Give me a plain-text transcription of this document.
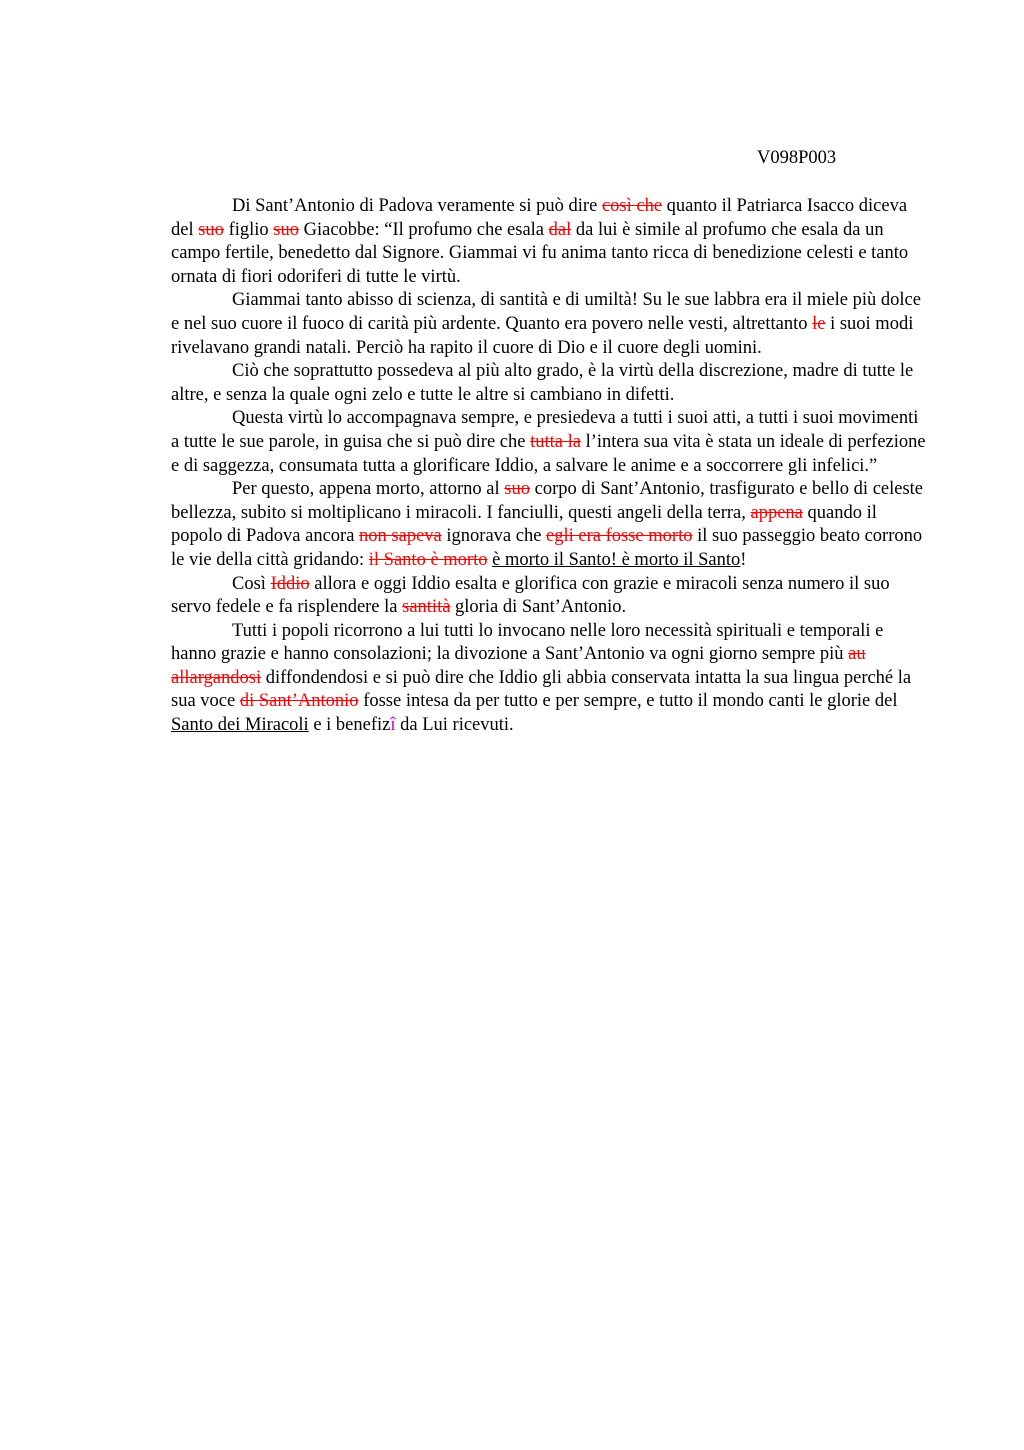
V098P003

Di Sant’Antonio di Padova veramente si può dire così che quanto il Patriarca Isacco diceva del suo figlio suo Giacobbe: “Il profumo che esala dal da lui è simile al profumo che esala da un campo fertile, benedetto dal Signore. Giammai vi fu anima tanto ricca di benedizione celesti e tanto ornata di fiori odoriferi di tutte le virtù.

Giammai tanto abisso di scienza, di santità e di umiltà! Su le sue labbra era il miele più dolce e nel suo cuore il fuoco di carità più ardente. Quanto era povero nelle vesti, altrettanto le i suoi modi rivelavano grandi natali. Perciò ha rapito il cuore di Dio e il cuore degli uomini.

Ciò che soprattutto possedeva al più alto grado, è la virtù della discrezione, madre di tutte le altre, e senza la quale ogni zelo e tutte le altre si cambiano in difetti.

Questa virtù lo accompagnava sempre, e presiedeva a tutti i suoi atti, a tutti i suoi movimenti a tutte le sue parole, in guisa che si può dire che tutta la l’intera sua vita è stata un ideale di perfezione e di saggezza, consumata tutta a glorificare Iddio, a salvare le anime e a soccorrere gli infelici.”

Per questo, appena morto, attorno al suo corpo di Sant’Antonio, trasfigurato e bello di celeste bellezza, subito si moltiplicano i miracoli. I fanciulli, questi angeli della terra, appena quando il popolo di Padova ancora non sapeva ignorava che egli era fosse morto il suo passeggio beato corrono le vie della città gridando: il Santo è morto è morto il Santo! è morto il Santo!

Così Iddio allora e oggi Iddio esalta e glorifica con grazie e miracoli senza numero il suo servo fedele e fa risplendere la santità gloria di Sant’Antonio.

Tutti i popoli ricorrono a lui tutti lo invocano nelle loro necessità spirituali e temporali e hanno grazie e hanno consolazioni; la divozione a Sant’Antonio va ogni giorno sempre più au allargandosi diffondendosi e si può dire che Iddio gli abbia conservata intatta la sua lingua perché la sua voce di Sant’Antonio fosse intesa da per tutto e per sempre, e tutto il mondo canti le glorie del Santo dei Miracoli e i benefizî da Lui ricevuti.
